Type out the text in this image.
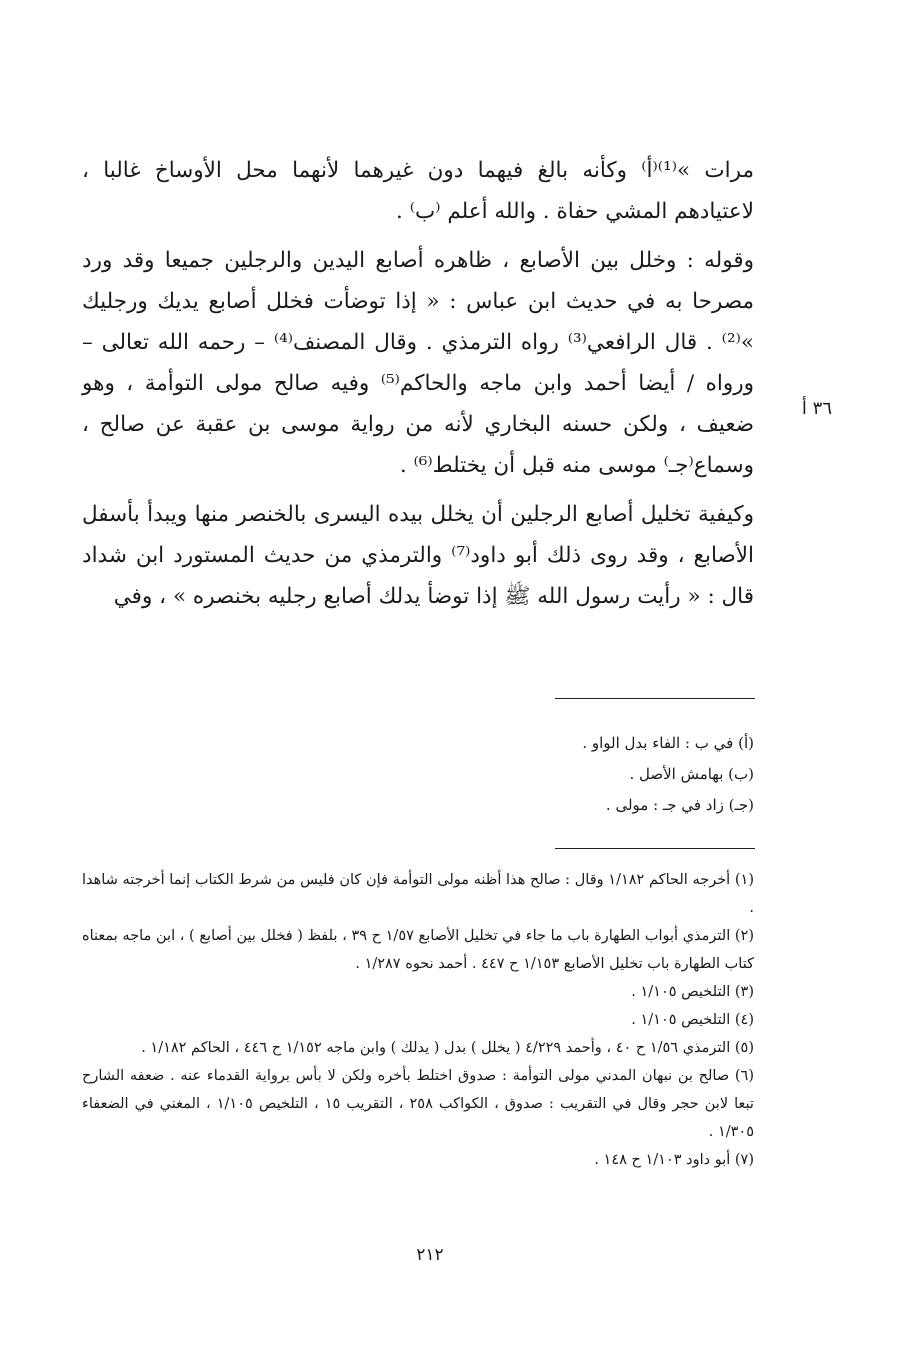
مرات »⁽¹⁾⁽أ⁾ وكأنه بالغ فيهما دون غيرهما لأنهما محل الأوساخ غالبا ، لاعتيادهم المشي حفاة . والله أعلم ⁽ب⁾ .

وقوله : وخلل بين الأصابع ، ظاهره أصابع اليدين والرجلين جميعا وقد ورد مصرحا به في حديث ابن عباس : « إذا توضأت فخلل أصابع يديك ورجليك »⁽²⁾ . قال الرافعي⁽³⁾ رواه الترمذي . وقال المصنف⁽⁴⁾ – رحمه الله تعالى – ورواه / أيضا أحمد وابن ماجه والحاكم⁽⁵⁾ وفيه صالح مولى التوأمة ، وهو ضعيف ، ولكن حسنه البخاري لأنه من رواية موسى بن عقبة عن صالح ، وسماع⁽جـ⁾ موسى منه قبل أن يختلط⁽⁶⁾ .

وكيفية تخليل أصابع الرجلين أن يخلل بيده اليسرى بالخنصر منها ويبدأ بأسفل الأصابع ، وقد روى ذلك أبو داود⁽⁷⁾ والترمذي من حديث المستورد ابن شداد قال : « رأيت رسول الله ﷺ إذا توضأ يدلك أصابع رجليه بخنصره » ، وفي

٣٦ أ
(أ) في ب : الفاء بدل الواو .
(ب) بهامش الأصل .
(جـ) زاد في جـ : مولى .

(١) أخرجه الحاكم ١/١٨٢ وقال : صالح هذا أظنه مولى التوأمة فإن كان فليس من شرط الكتاب إنما أخرجته شاهدا .

(٢) الترمذي أبواب الطهارة باب ما جاء في تخليل الأصابع ١/٥٧ ح ٣٩ ، بلفظ ( فخلل بين أصابع ) ، ابن ماجه بمعناه كتاب الطهارة باب تخليل الأصابع ١/١٥٣ ح ٤٤٧ . أحمد نحوه ١/٢٨٧ .

(٣) التلخيص ١/١٠٥ .

(٤) التلخيص ١/١٠٥ .

(٥) الترمذي ١/٥٦ ح ٤٠ ، وأحمد ٤/٢٢٩ ( يخلل ) بدل ( يدلك ) وابن ماجه ١/١٥٢ ح ٤٤٦ ، الحاكم ١/١٨٢ .

(٦) صالح بن نبهان المدني مولى التوأمة : صدوق اختلط بأخره ولكن لا بأس برواية القدماء عنه . ضعفه الشارح تبعا لابن حجر وقال في التقريب : صدوق ، الكواكب ٢٥٨ ، التقريب ١٥ ، التلخيص ١/١٠٥ ، المغني في الضعفاء ١/٣٠٥ .

(٧) أبو داود ١/١٠٣ ح ١٤٨ .

٢١٢
